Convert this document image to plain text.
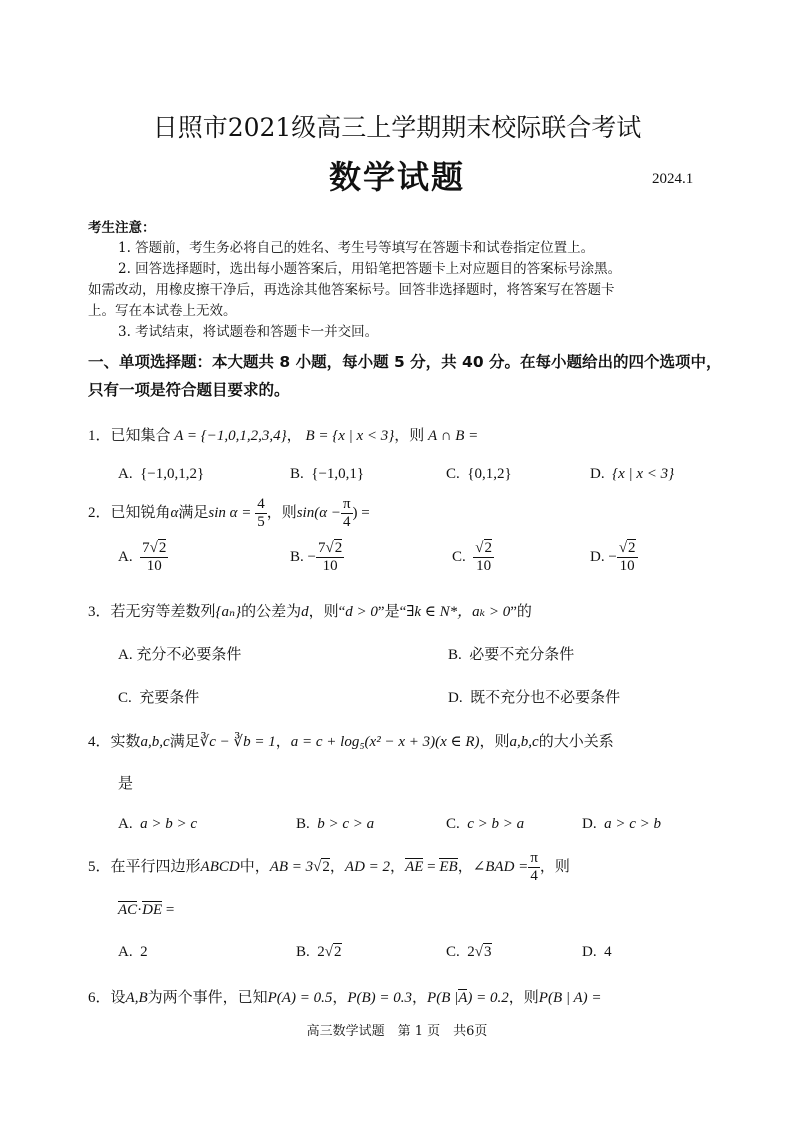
日照市2021级高三上学期期末校际联合考试
数学试题	2024.1
考生注意：
1. 答题前，考生务必将自己的姓名、考生号等填写在答题卡和试卷指定位置上。
2. 回答选择题时，选出每小题答案后，用铅笔把答题卡上对应题目的答案标号涂黑。
如需改动，用橡皮擦干净后，再选涂其他答案标号。回答非选择题时，将答案写在答题卡
上。写在本试卷上无效。
3. 考试结束，将试题卷和答题卡一并交回。
一、单项选择题：本大题共 8 小题，每小题 5 分，共 40 分。在每小题给出的四个选项中，
只有一项是符合题目要求的。
1．已知集合 A = {−1,0,1,2,3,4}， B = {x | x < 3}，则 A ∩ B =
A. {−1,0,1,2}	B. {−1,0,1}	C. {0,1,2}	D. {x | x < 3}
2．已知锐角α满足$\sin \alpha = \frac{4}{5}$ ，则$\sin(\alpha - \frac{\pi}{4}$ ) =
A. $\frac{7√2}{10}$	B. − $\frac{7√2}{10}$	C. $\frac{√2}{10}$	D. − $\frac{√2}{10}$
3．若无穷等差数列{aₙ}的公差为d，则“d > 0”是“∃k ∈ N*，aₖ > 0”的
A. 充分不必要条件	B. 必要不充分条件
C. 充要条件	D. 既不充分也不必要条件
4．实数a,b,c满足∛c − ∛b = 1，a = c + log₅(x² − x + 3)(x ∈ R)，则a,b,c的大小关系
是
A. a > b > c	B. b > c > a	C. c > b > a	D. a > c > b
5．在平行四边形ABCD中，AB = 3√2，AD = 2，AE = EB，∠BAD = $\frac{\pi}{4}$ ，则
AC·DE =
A. 2	B. 2√2	C. 2√3	D. 4
6．设A,B为两个事件，已知P(A) = 0.5，P(B) = 0.3，P(B |A) = 0.2，则P(B | A) =
高三数学试题　第 1 页　共6页
